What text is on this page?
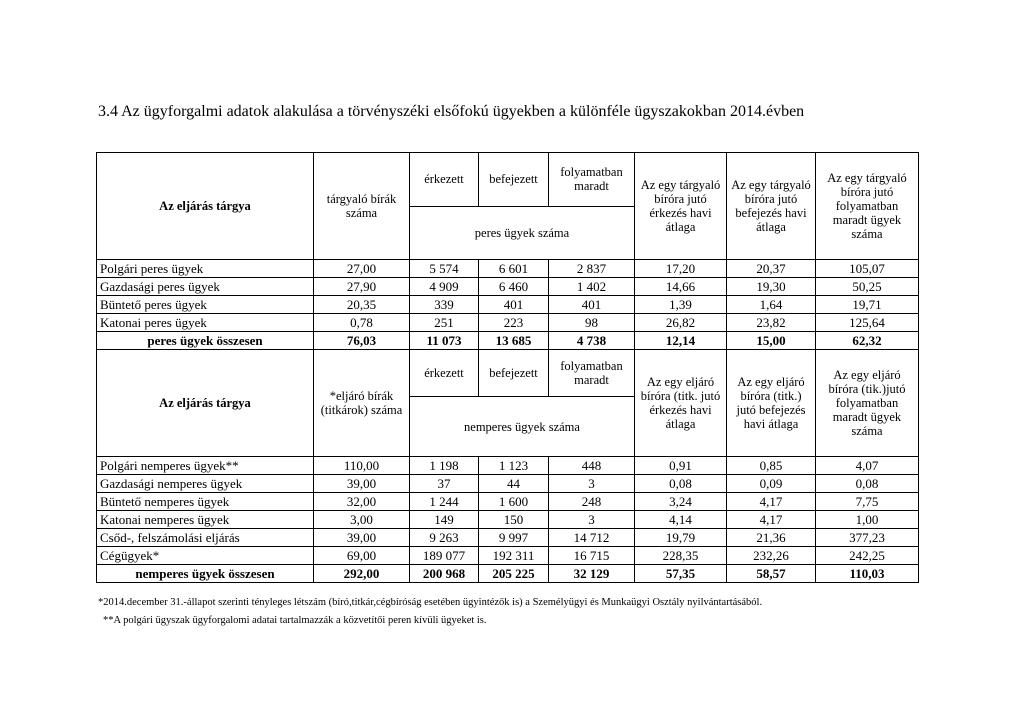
3.4 Az ügyforgalmi adatok alakulása a törvényszéki elsőfokú ügyekben a különféle ügyszakokban 2014.évben
Az eljárás tárgya	tárgyaló bírák száma	érkezett	befejezett	folyamatban maradt	Az egy tárgyaló bíróra jutó érkezés havi átlaga	Az egy tárgyaló bíróra jutó befejezés havi átlaga	Az egy tárgyaló bíróra jutó folyamatban maradt ügyek száma
		peres ügyek száma					
Polgári peres ügyek	27,00	5 574	6 601	2 837	17,20	20,37	105,07
Gazdasági peres ügyek	27,90	4 909	6 460	1 402	14,66	19,30	50,25
Büntető peres ügyek	20,35	339	401	401	1,39	1,64	19,71
Katonai peres ügyek	0,78	251	223	98	26,82	23,82	125,64
peres ügyek összesen	76,03	11 073	13 685	4 738	12,14	15,00	62,32
Az eljárás tárgya	*eljáró bírák (titkárok) száma	érkezett	befejezett	folyamatban maradt	Az egy eljáró bíróra (titk. jutó érkezés havi átlaga	Az egy eljáró bíróra (titk.) jutó befejezés havi átlaga	Az egy eljáró bíróra (tik.)jutó folyamatban maradt ügyek száma
		nemperes ügyek száma					
Polgári nemperes ügyek**	110,00	1 198	1 123	448	0,91	0,85	4,07
Gazdasági nemperes ügyek	39,00	37	44	3	0,08	0,09	0,08
Büntető nemperes ügyek	32,00	1 244	1 600	248	3,24	4,17	7,75
Katonai nemperes ügyek	3,00	149	150	3	4,14	4,17	1,00
Csőd-, felszámolási eljárás	39,00	9 263	9 997	14 712	19,79	21,36	377,23
Cégügyek*	69,00	189 077	192 311	16 715	228,35	232,26	242,25
nemperes ügyek összesen	292,00	200 968	205 225	32 129	57,35	58,57	110,03
*2014.december 31.-állapot szerinti tényleges létszám (bíró,titkár,cégbíróság esetében ügyintézők is) a Személyügyi és Munkaügyi Osztály nyilvántartásából.
**A polgári ügyszak ügyforgalomi adatai tartalmazzák a közvetítői peren kívüli ügyeket is.
